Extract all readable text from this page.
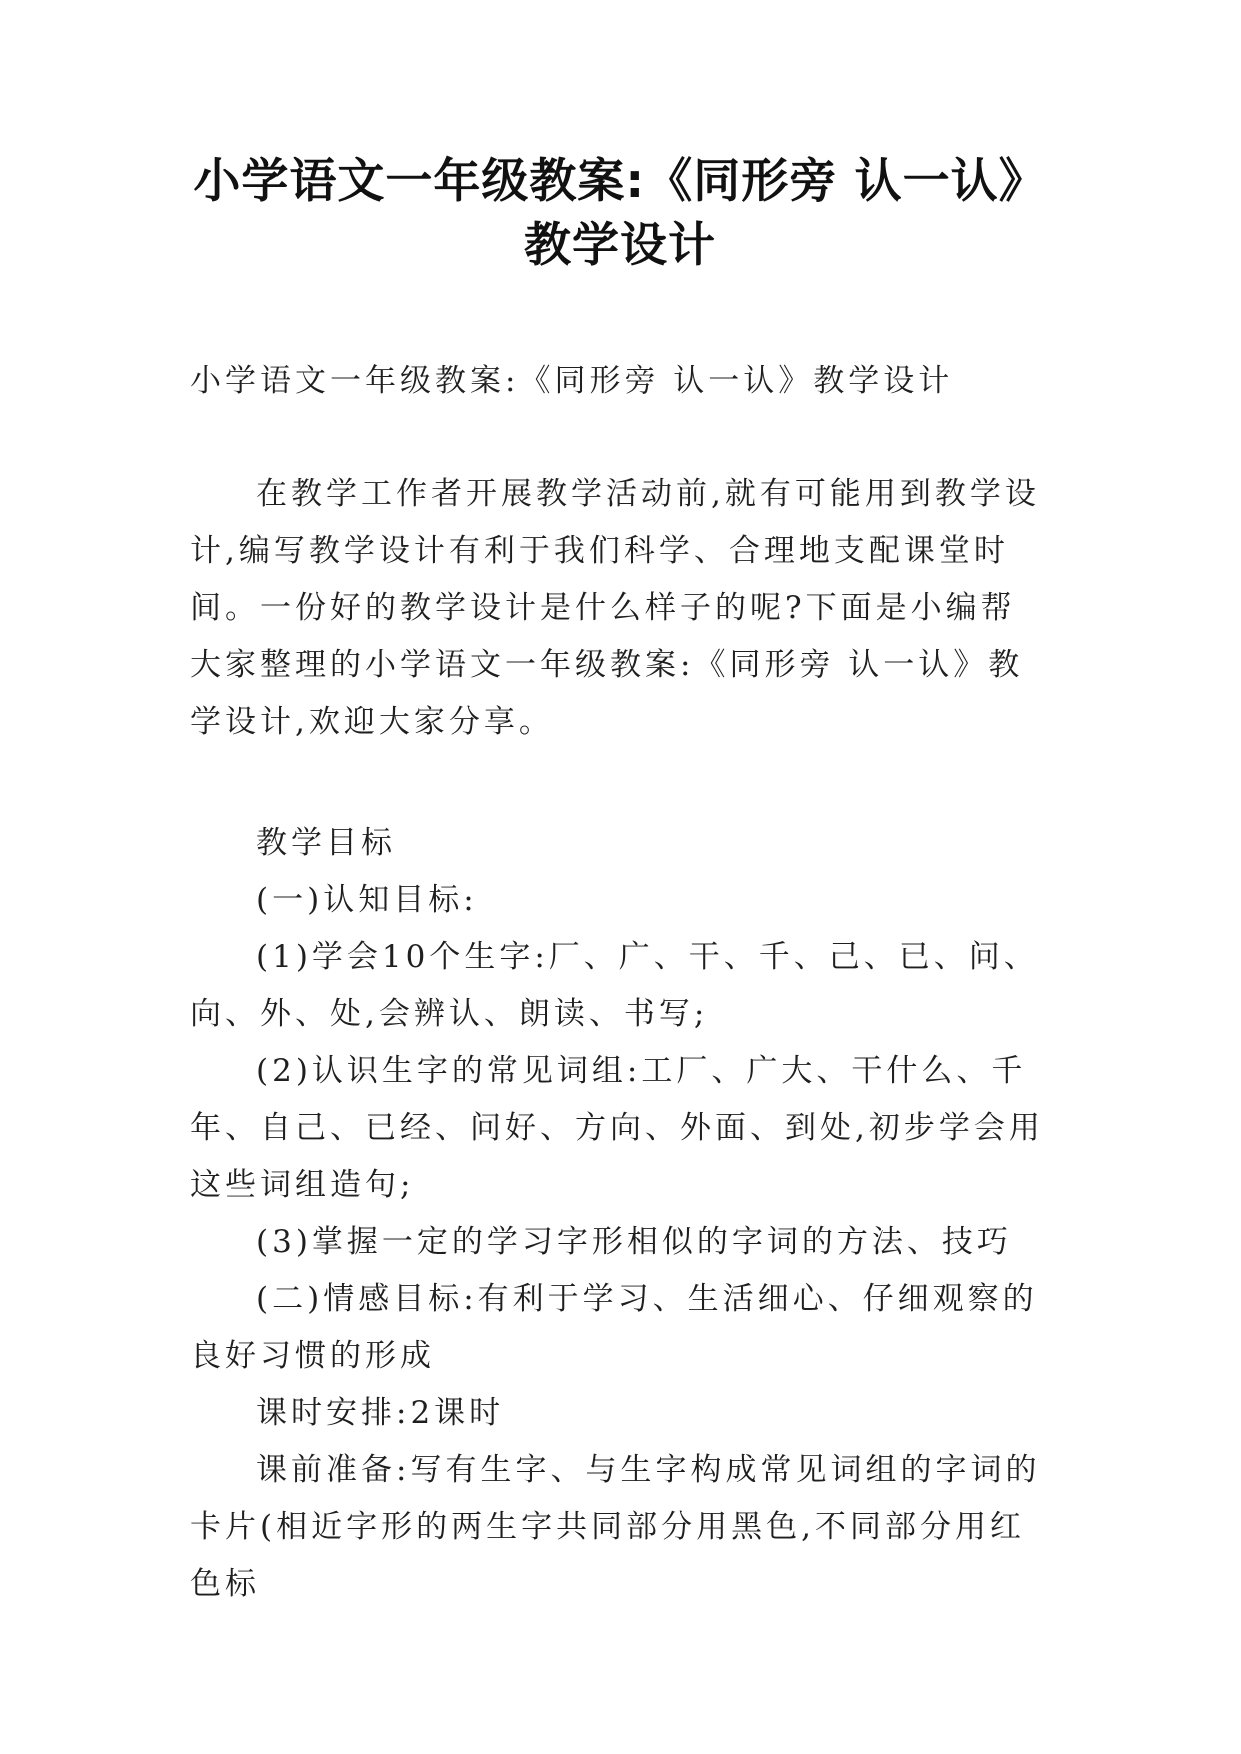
小学语文一年级教案:《同形旁 认一认》教学设计
小学语文一年级教案:《同形旁 认一认》教学设计
在教学工作者开展教学活动前,就有可能用到教学设计,编写教学设计有利于我们科学、合理地支配课堂时间。一份好的教学设计是什么样子的呢?下面是小编帮大家整理的小学语文一年级教案:《同形旁 认一认》教学设计,欢迎大家分享。

教学目标

(一)认知目标:

(1)学会10个生字:厂、广、干、千、己、已、问、向、外、处,会辨认、朗读、书写;

(2)认识生字的常见词组:工厂、广大、干什么、千年、自己、已经、问好、方向、外面、到处,初步学会用这些词组造句;

(3)掌握一定的学习字形相似的字词的方法、技巧

(二)情感目标:有利于学习、生活细心、仔细观察的良好习惯的形成

课时安排:2课时

课前准备:写有生字、与生字构成常见词组的字词的卡片(相近字形的两生字共同部分用黑色,不同部分用红色标
